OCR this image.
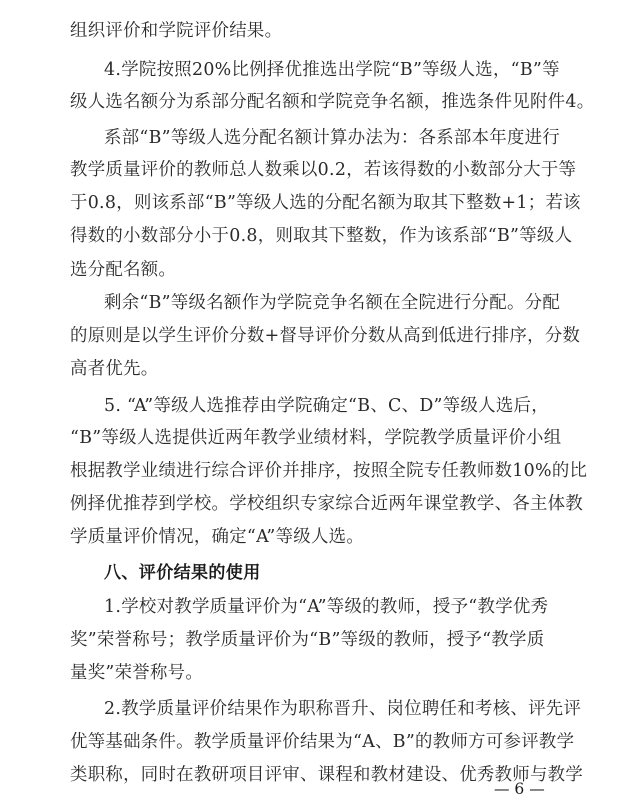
组织评价和学院评价结果。
4.学院按照20%比例择优推选出学院“B”等级人选，“B”等
级人选名额分为系部分配名额和学院竞争名额，推选条件见附件4。
系部“B”等级人选分配名额计算办法为：各系部本年度进行
教学质量评价的教师总人数乘以0.2，若该得数的小数部分大于等
于0.8，则该系部“B”等级人选的分配名额为取其下整数+1；若该
得数的小数部分小于0.8，则取其下整数，作为该系部“B”等级人
选分配名额。
剩余“B”等级名额作为学院竞争名额在全院进行分配。分配
的原则是以学生评价分数+督导评价分数从高到低进行排序，分数
高者优先。
5. “A”等级人选推荐由学院确定“B、C、D”等级人选后，
“B”等级人选提供近两年教学业绩材料，学院教学质量评价小组
根据教学业绩进行综合评价并排序，按照全院专任教师数10%的比
例择优推荐到学校。学校组织专家综合近两年课堂教学、各主体教
学质量评价情况，确定“A”等级人选。
八、评价结果的使用
1.学校对教学质量评价为“A”等级的教师，授予“教学优秀
奖”荣誉称号；教学质量评价为“B”等级的教师，授予“教学质
量奖”荣誉称号。
2.教学质量评价结果作为职称晋升、岗位聘任和考核、评先评
优等基础条件。教学质量评价结果为“A、B”的教师方可参评教学
类职称，同时在教研项目评审、课程和教材建设、优秀教师与教学
— 6 —
